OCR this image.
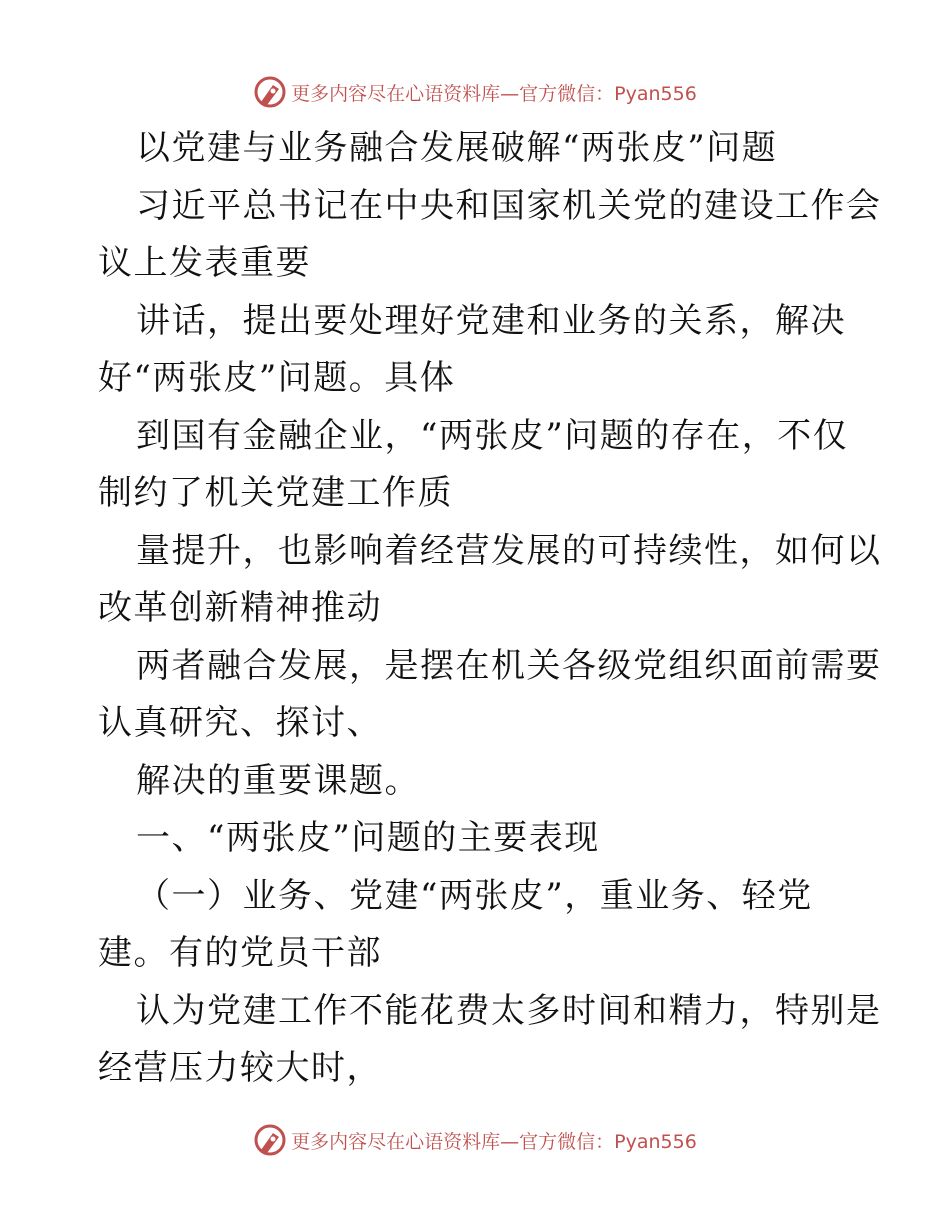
更多内容尽在心语资料库—官方微信：Pyan556

以党建与业务融合发展破解“两张皮”问题

习近平总书记在中央和国家机关党的建设工作会

议上发表重要

讲话，提出要处理好党建和业务的关系，解决

好“两张皮”问题。具体

到国有金融企业，“两张皮”问题的存在，不仅

制约了机关党建工作质

量提升，也影响着经营发展的可持续性，如何以

改革创新精神推动

两者融合发展，是摆在机关各级党组织面前需要

认真研究、探讨、

解决的重要课题。

一、“两张皮”问题的主要表现

（一）业务、党建“两张皮”，重业务、轻党

建。有的党员干部

认为党建工作不能花费太多时间和精力，特别是

经营压力较大时，

更多内容尽在心语资料库—官方微信：Pyan556
